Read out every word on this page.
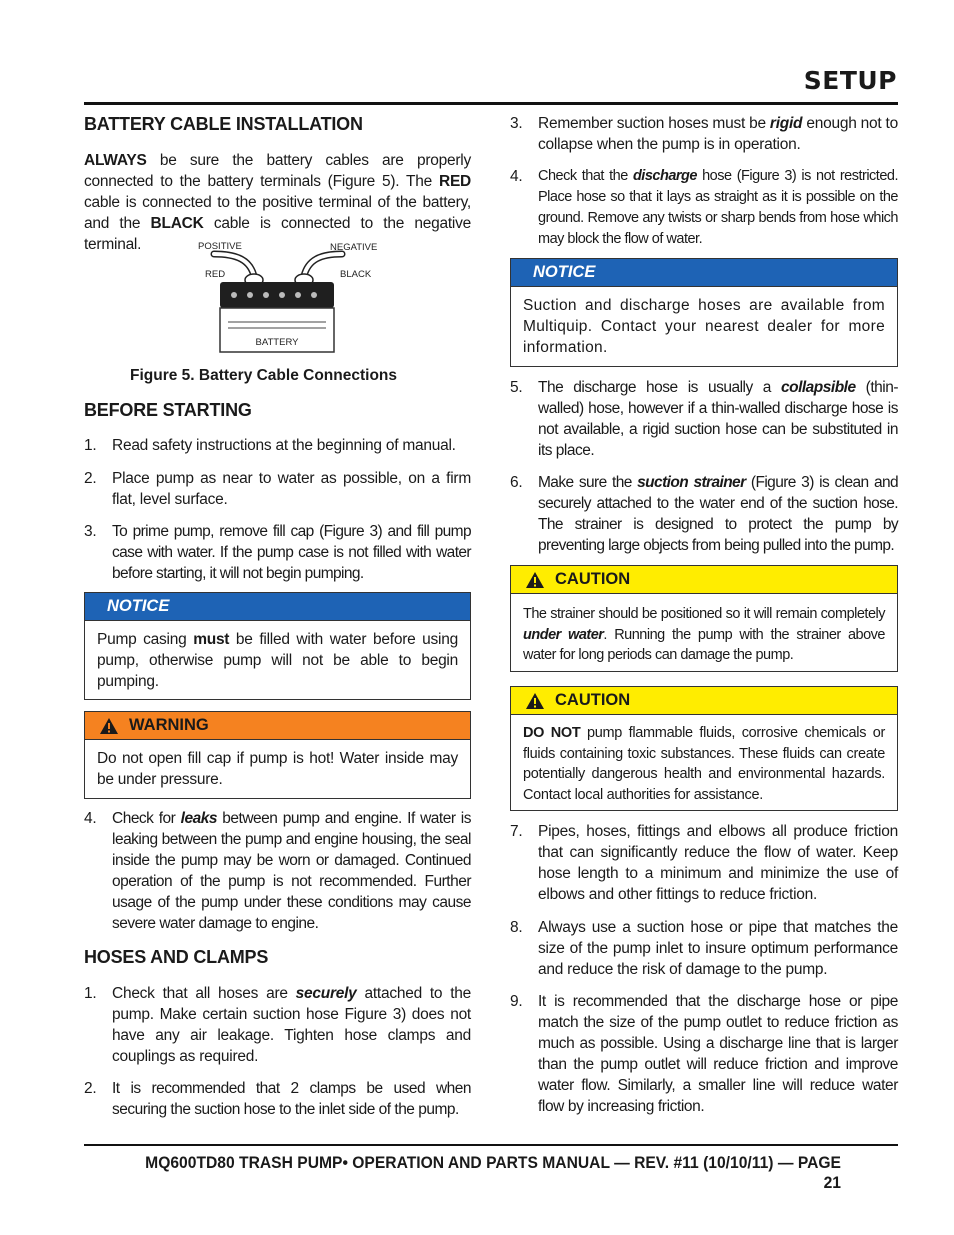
SETUP
BATTERY CABLE INSTALLATION

ALWAYS be sure the battery cables are properly connected to the battery terminals (Figure 5). The RED cable is connected to the positive terminal of the battery, and the BLACK cable is connected to the negative terminal.	POSITIVE	NEGATIVE
RED	BLACK
BATTERY
Figure 5. Battery Cable Connections
BEFORE STARTING
1. Read safety instructions at the beginning of manual.
2. Place pump as near to water as possible, on a firm flat, level surface.
3. To prime pump, remove fill cap (Figure 3) and fill pump case with water. If the pump case is not filled with water before starting, it will not begin pumping.
NOTICE
Pump casing must be filled with water before using pump, otherwise pump will not be able to begin pumping.
WARNING
Do not open fill cap if pump is hot! Water inside may be under pressure.
4. Check for leaks between pump and engine. If water is leaking between the pump and engine housing, the seal inside the pump may be worn or damaged. Continued operation of the pump is not recommended. Further usage of the pump under these conditions may cause severe water damage to engine.
HOSES AND CLAMPS
1. Check that all hoses are securely attached to the pump. Make certain suction hose Figure 3) does not have any air leakage. Tighten hose clamps and couplings as required.
2. It is recommended that 2 clamps be used when securing the suction hose to the inlet side of the pump.
3. Remember suction hoses must be rigid enough not to collapse when the pump is in operation.
4. Check that the discharge hose (Figure 3) is not restricted. Place hose so that it lays as straight as it is possible on the ground. Remove any twists or sharp bends from hose which may block the flow of water.
NOTICE
Suction and discharge hoses are available from Multiquip. Contact your nearest dealer for more information.
5. The discharge hose is usually a collapsible (thin-walled) hose, however if a thin-walled discharge hose is not available, a rigid suction hose can be substituted in its place.
6. Make sure the suction strainer (Figure 3) is clean and securely attached to the water end of the suction hose. The strainer is designed to protect the pump by preventing large objects from being pulled into the pump.
CAUTION
The strainer should be positioned so it will remain completely under water. Running the pump with the strainer above water for long periods can damage the pump.
CAUTION
DO NOT pump flammable fluids, corrosive chemicals or fluids containing toxic substances. These fluids can create potentially dangerous health and environmental hazards. Contact local authorities for assistance.
7. Pipes, hoses, fittings and elbows all produce friction that can significantly reduce the flow of water. Keep hose length to a minimum and minimize the use of elbows and other fittings to reduce friction.
8. Always use a suction hose or pipe that matches the size of the pump inlet to insure optimum performance and reduce the risk of damage to the pump.
9. It is recommended that the discharge hose or pipe match the size of the pump outlet to reduce friction as much as possible. Using a discharge line that is larger than the pump outlet will reduce friction and improve water flow. Similarly, a smaller line will reduce water flow by increasing friction.
MQ600TD80 TRASH PUMP• OPERATION AND PARTS MANUAL — REV. #11 (10/10/11) — PAGE 21
